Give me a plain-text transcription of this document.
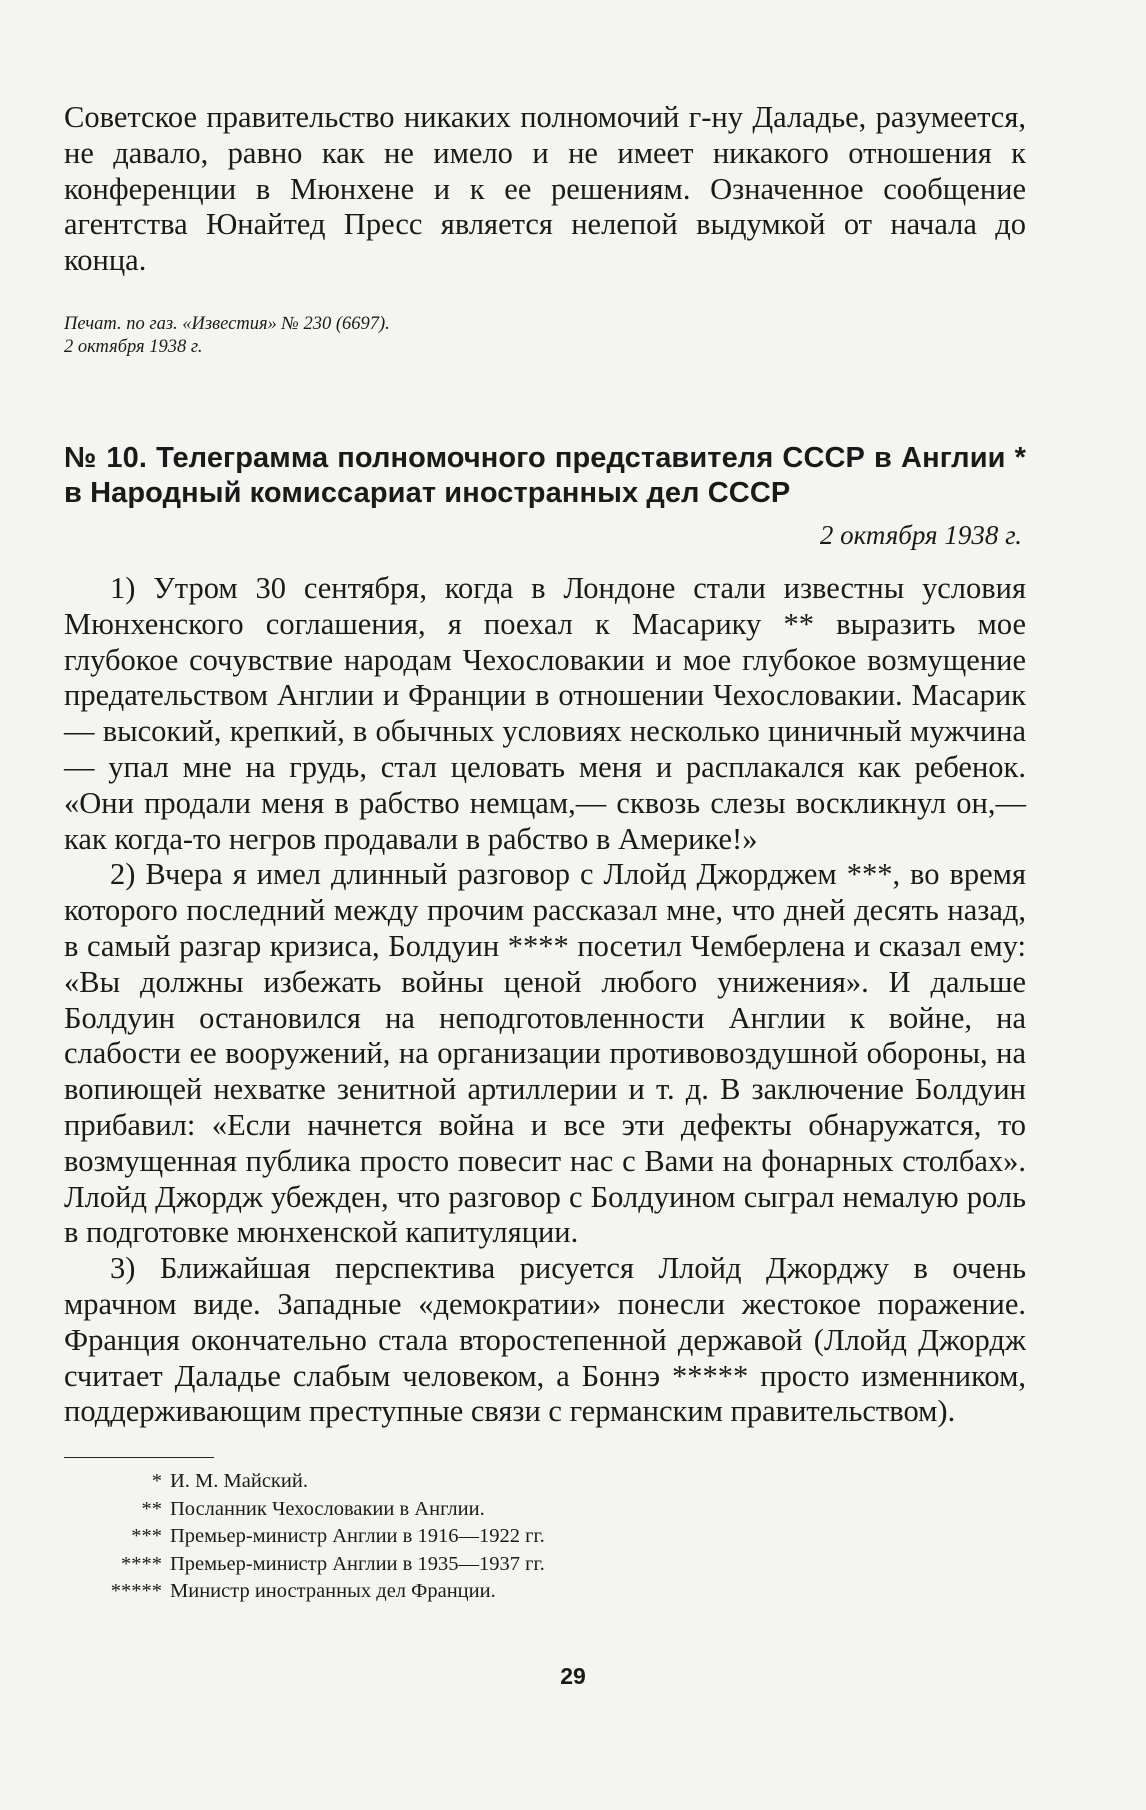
Советское правительство никаких полномочий г-ну Даладье, разумеется, не давало, равно как не имело и не имеет никакого отношения к конференции в Мюнхене и к ее решениям. Означенное сообщение агентства Юнайтед Пресс является нелепой выдумкой от начала до конца.

Печат. по газ. «Известия» № 230 (6697).
2 октября 1938 г.
№ 10. Телеграмма полномочного представителя СССР в Англии * в Народный комиссариат иностранных дел СССР
2 октября 1938 г.

1) Утром 30 сентября, когда в Лондоне стали известны условия Мюнхенского соглашения, я поехал к Масарику ** выразить мое глубокое сочувствие народам Чехословакии и мое глубокое возмущение предательством Англии и Франции в отношении Чехословакии. Масарик — высокий, крепкий, в обычных условиях несколько циничный мужчина — упал мне на грудь, стал целовать меня и расплакался как ребенок. «Они продали меня в рабство немцам,— сквозь слезы воскликнул он,— как когда-то негров продавали в рабство в Америке!»

2) Вчера я имел длинный разговор с Ллойд Джорджем ***, во время которого последний между прочим рассказал мне, что дней десять назад, в самый разгар кризиса, Болдуин **** посетил Чемберлена и сказал ему: «Вы должны избежать войны ценой любого унижения». И дальше Болдуин остановился на неподготовленности Англии к войне, на слабости ее вооружений, на организации противовоздушной обороны, на вопиющей нехватке зенитной артиллерии и т. д. В заключение Болдуин прибавил: «Если начнется война и все эти дефекты обнаружатся, то возмущенная публика просто повесит нас с Вами на фонарных столбах». Ллойд Джордж убежден, что разговор с Болдуином сыграл немалую роль в подготовке мюнхенской капитуляции.

3) Ближайшая перспектива рисуется Ллойд Джорджу в очень мрачном виде. Западные «демократии» понесли жестокое поражение. Франция окончательно стала второстепенной державой (Ллойд Джордж считает Даладье слабым человеком, а Боннэ ***** просто изменником, поддерживающим преступные связи с германским правительством).

* И. М. Майский.
** Посланник Чехословакии в Англии.
*** Премьер-министр Англии в 1916—1922 гг.
**** Премьер-министр Англии в 1935—1937 гг.
***** Министр иностранных дел Франции.
29
